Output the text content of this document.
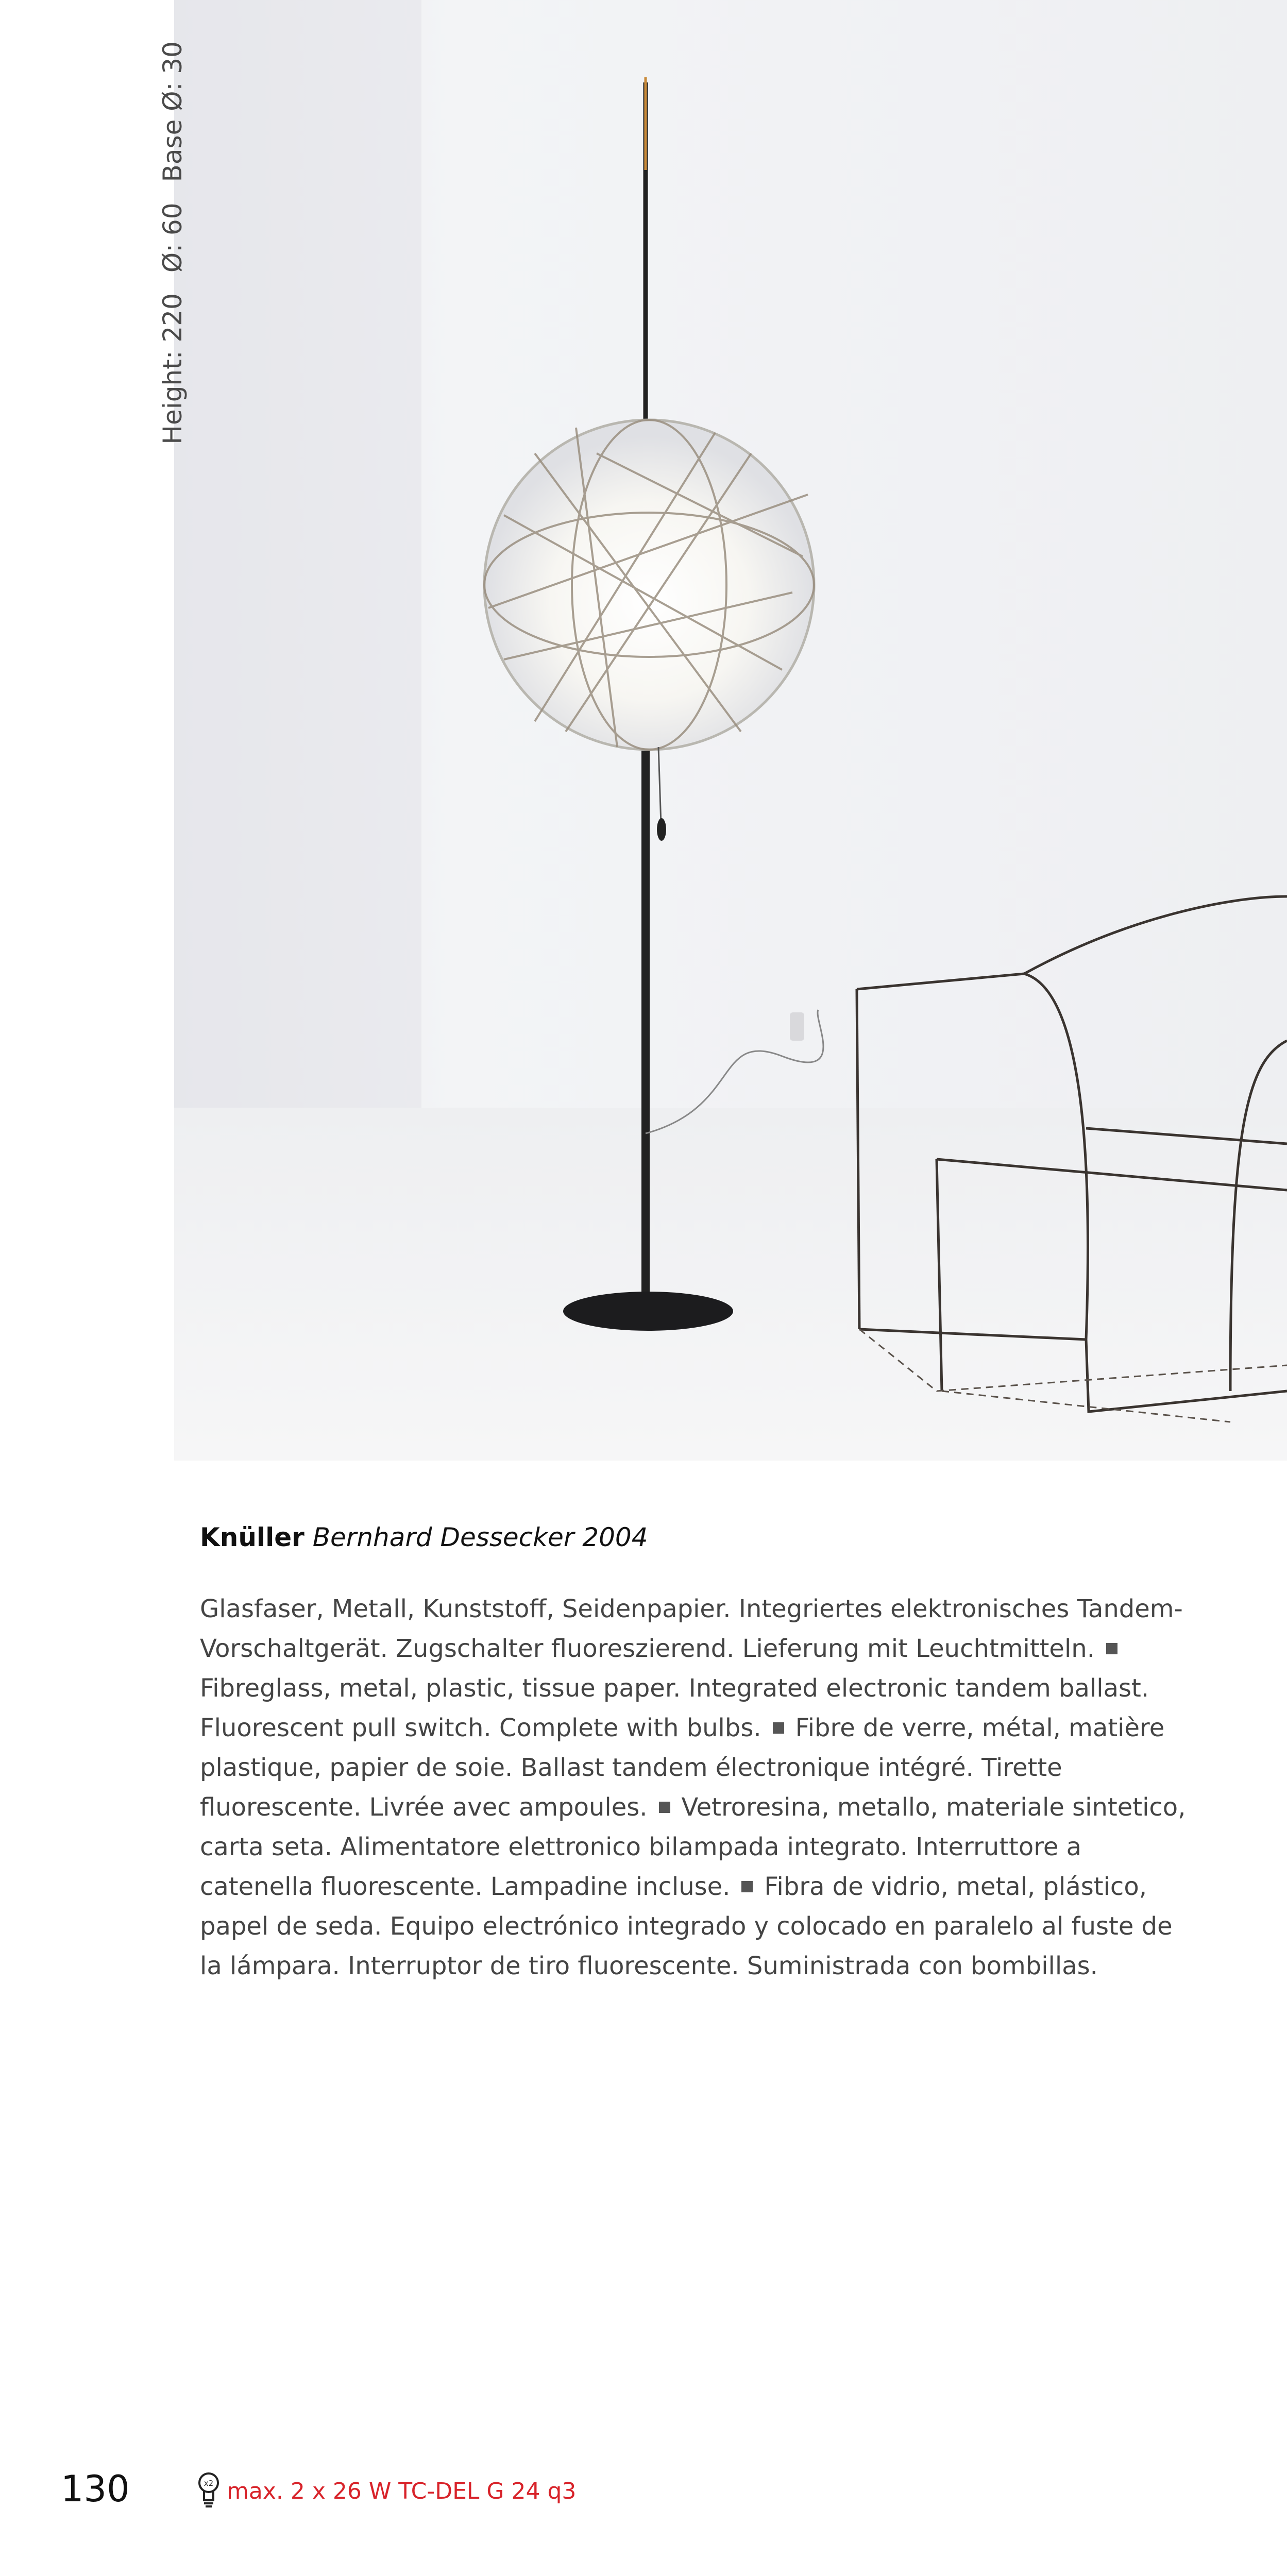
Height: 220
Ø: 60
Base Ø: 30
Knüller Bernhard Dessecker 2004
Glasfaser, Metall, Kunststoff, Seidenpapier. Integriertes elektronisches Tandem-Vorschaltgerät. Zugschalter fluoreszierend. Lieferung mit Leuchtmitteln.Fibreglass, metal, plastic, tissue paper. Integrated electronic tandem ballast. Fluorescent pull switch. Complete with bulbs. Fibre de verre, métal, matière plastique, papier de soie. Ballast tandem électronique intégré. Tirette fluorescente. Livrée avec ampoules. Vetroresina, metallo, materiale sintetico, carta seta. Alimentatore elettronico bilampada integrato. Interruttore a catenella fluorescente. Lampadine incluse. Fibra de vidrio, metal, plástico, papel de seda. Equipo electrónico integrado y colocado en paralelo al fuste de la lámpara. Interruptor de tiro fluorescente. Suministrada con bombillas.
130	x2 max. 2 x 26 W TC-DEL G 24 q3
